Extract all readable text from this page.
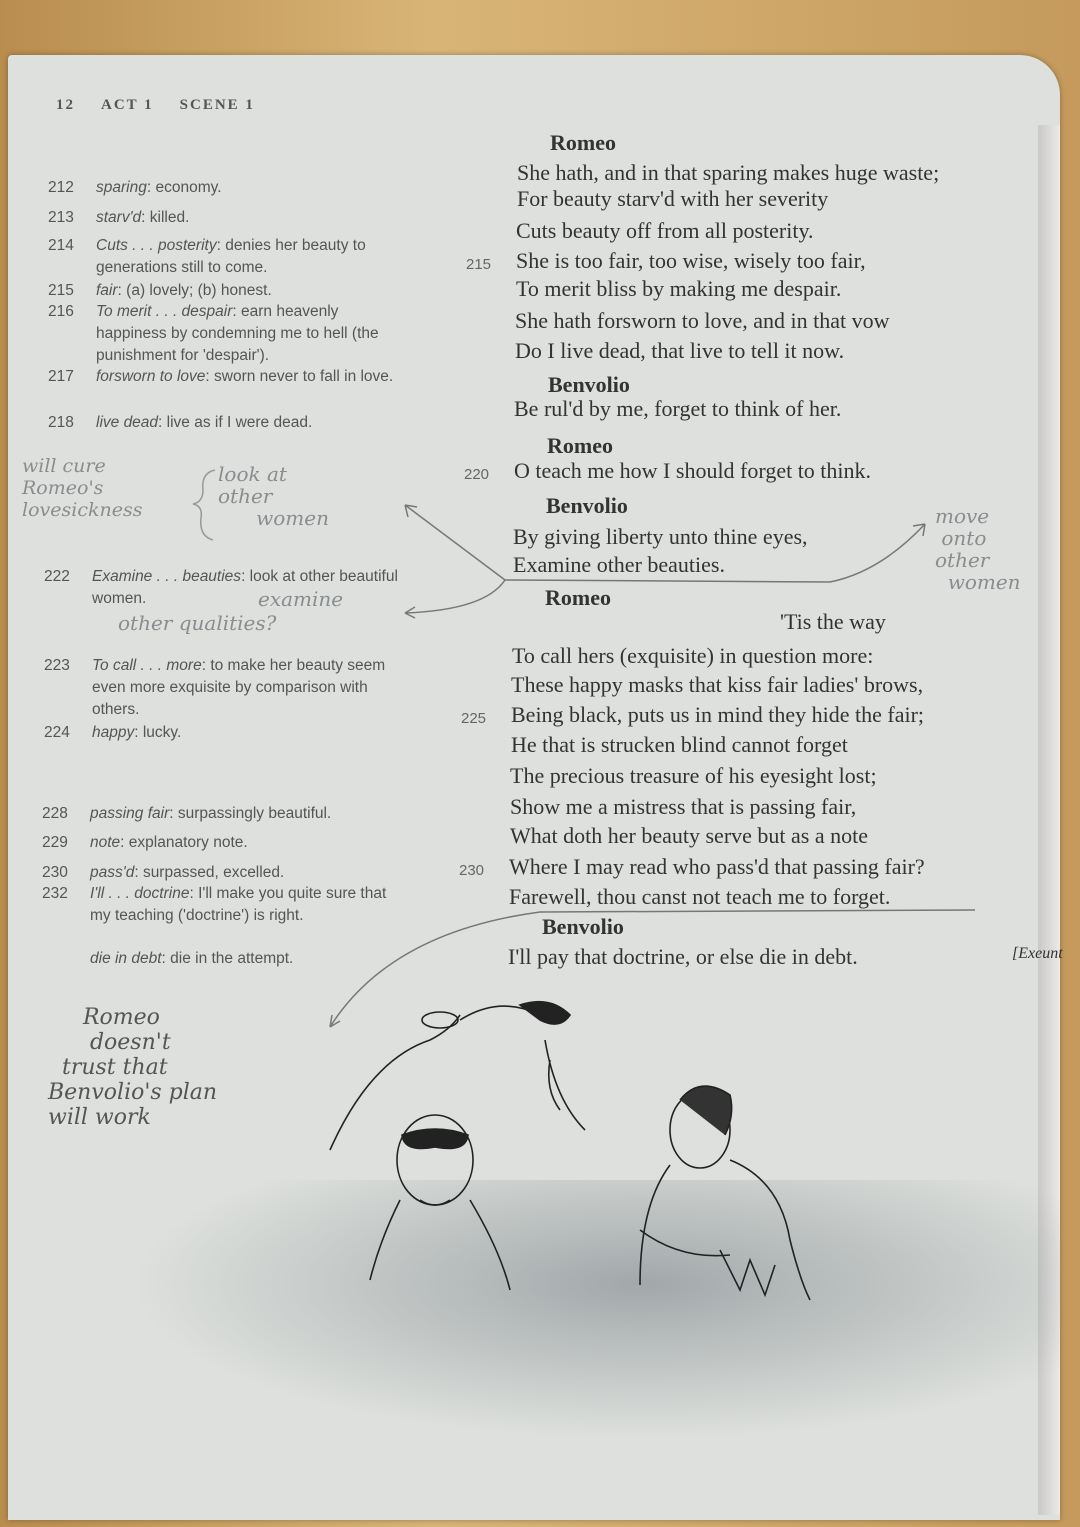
12 ACT 1 SCENE 1
212	sparing: economy.
213	starv'd: killed.
214	Cuts . . . posterity: denies her beauty to generations still to come.
215	fair: (a) lovely; (b) honest.
216	To merit . . . despair: earn heavenly happiness by condemning me to hell (the punishment for 'despair').
217	forsworn to love: sworn never to fall in love.
218	live dead: live as if I were dead.
222	Examine . . . beauties: look at other beautiful women.
223	To call . . . more: to make her beauty seem even more exquisite by comparison with others.
224	happy: lucky.
228	passing fair: surpassingly beautiful.
229	note: explanatory note.
230	pass'd: surpassed, excelled.
232	I'll . . . doctrine: I'll make you quite sure that my teaching ('doctrine') is right.
die in debt: die in the attempt.
Romeo
She hath, and in that sparing makes huge waste;
For beauty starv'd with her severity
Cuts beauty off from all posterity.
She is too fair, too wise, wisely too fair,
215
To merit bliss by making me despair.
She hath forsworn to love, and in that vow
Do I live dead, that live to tell it now.
Benvolio
Be rul'd by me, forget to think of her.
Romeo
O teach me how I should forget to think.
220
Benvolio
By giving liberty unto thine eyes,
Examine other beauties.
Romeo
'Tis the way
To call hers (exquisite) in question more:
These happy masks that kiss fair ladies' brows,
Being black, puts us in mind they hide the fair;
225
He that is strucken blind cannot forget
The precious treasure of his eyesight lost;
Show me a mistress that is passing fair,
What doth her beauty serve but as a note
Where I may read who pass'd that passing fair?
230
Farewell, thou canst not teach me to forget.
Benvolio
I'll pay that doctrine, or else die in debt.	[Exeunt
will cure
Romeo's
lovesickness
look at
other
women
examine
other qualities?
move
onto
other
women
Romeo
doesn't
trust that
Benvolio's plan
will work
